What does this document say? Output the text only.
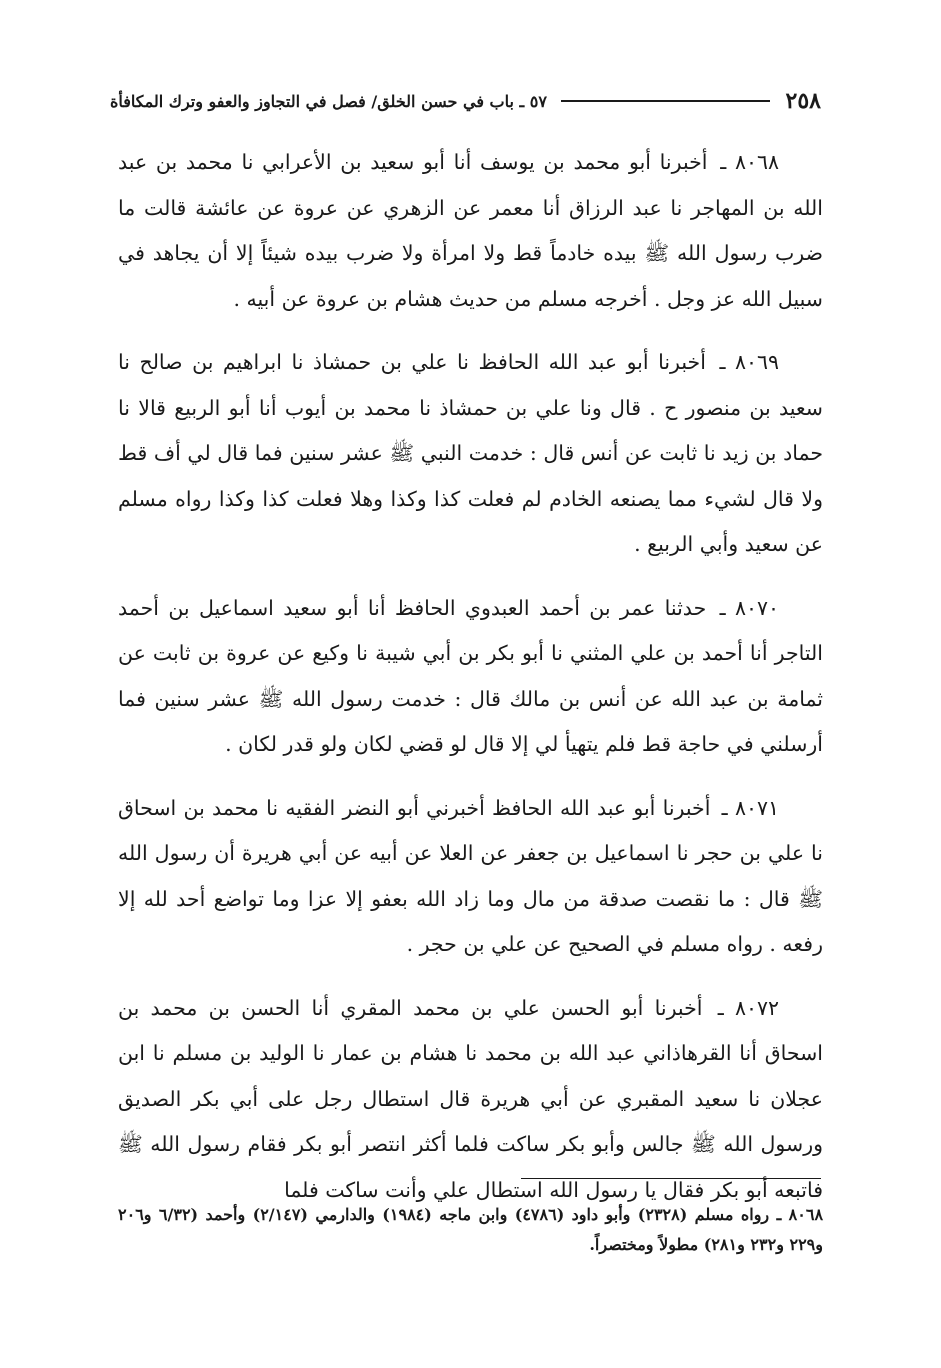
٢٥٨
٥٧ ـ باب في حسن الخلق/ فصل في التجاوز والعفو وترك المكافأة

٨٠٦٨ ـ أخبرنا أبو محمد بن يوسف أنا أبو سعيد بن الأعرابي نا محمد بن عبد الله بن المهاجر نا عبد الرزاق أنا معمر عن الزهري عن عروة عن عائشة قالت ما ضرب رسول الله ﷺ بيده خادماً قط ولا امرأة ولا ضرب بيده شيئاً إلا أن يجاهد في سبيل الله عز وجل . أخرجه مسلم من حديث هشام بن عروة عن أبيه .

٨٠٦٩ ـ أخبرنا أبو عبد الله الحافظ نا علي بن حمشاذ نا ابراهيم بن صالح نا سعيد بن منصور ح . قال ونا علي بن حمشاذ نا محمد بن أيوب أنا أبو الربيع قالا نا حماد بن زيد نا ثابت عن أنس قال : خدمت النبي ﷺ عشر سنين فما قال لي أف قط ولا قال لشيء مما يصنعه الخادم لم فعلت كذا وكذا وهلا فعلت كذا وكذا رواه مسلم عن سعيد وأبي الربيع .

٨٠٧٠ ـ حدثنا عمر بن أحمد العبدوي الحافظ أنا أبو سعيد اسماعيل بن أحمد التاجر أنا أحمد بن علي المثني نا أبو بكر بن أبي شيبة نا وكيع عن عروة بن ثابت عن ثمامة بن عبد الله عن أنس بن مالك قال : خدمت رسول الله ﷺ عشر سنين فما أرسلني في حاجة قط فلم يتهيأ لي إلا قال لو قضي لكان ولو قدر لكان .

٨٠٧١ ـ أخبرنا أبو عبد الله الحافظ أخبرني أبو النضر الفقيه نا محمد بن اسحاق نا علي بن حجر نا اسماعيل بن جعفر عن العلا عن أبيه عن أبي هريرة أن رسول الله ﷺ قال : ما نقصت صدقة من مال وما زاد الله بعفو إلا عزا وما تواضع أحد لله إلا رفعه . رواه مسلم في الصحيح عن علي بن حجر .

٨٠٧٢ ـ أخبرنا أبو الحسن علي بن محمد المقري أنا الحسن بن محمد بن اسحاق أنا القرهاذاني عبد الله بن محمد نا هشام بن عمار نا الوليد بن مسلم نا ابن عجلان نا سعيد المقبري عن أبي هريرة قال استطال رجل على أبي بكر الصديق ورسول الله ﷺ جالس وأبو بكر ساكت فلما أكثر انتصر أبو بكر فقام رسول الله ﷺ فاتبعه أبو بكر فقال يا رسول الله استطال علي وأنت ساكت فلما

٨٠٦٨ ـ رواه مسلم (٢٣٢٨) وأبو داود (٤٧٨٦) وابن ماجه (١٩٨٤) والدارمي (٢/١٤٧) وأحمد (٦/٣٢ و٢٠٦ و٢٢٩ و٢٣٢ و٢٨١) مطولاً ومختصراً.
